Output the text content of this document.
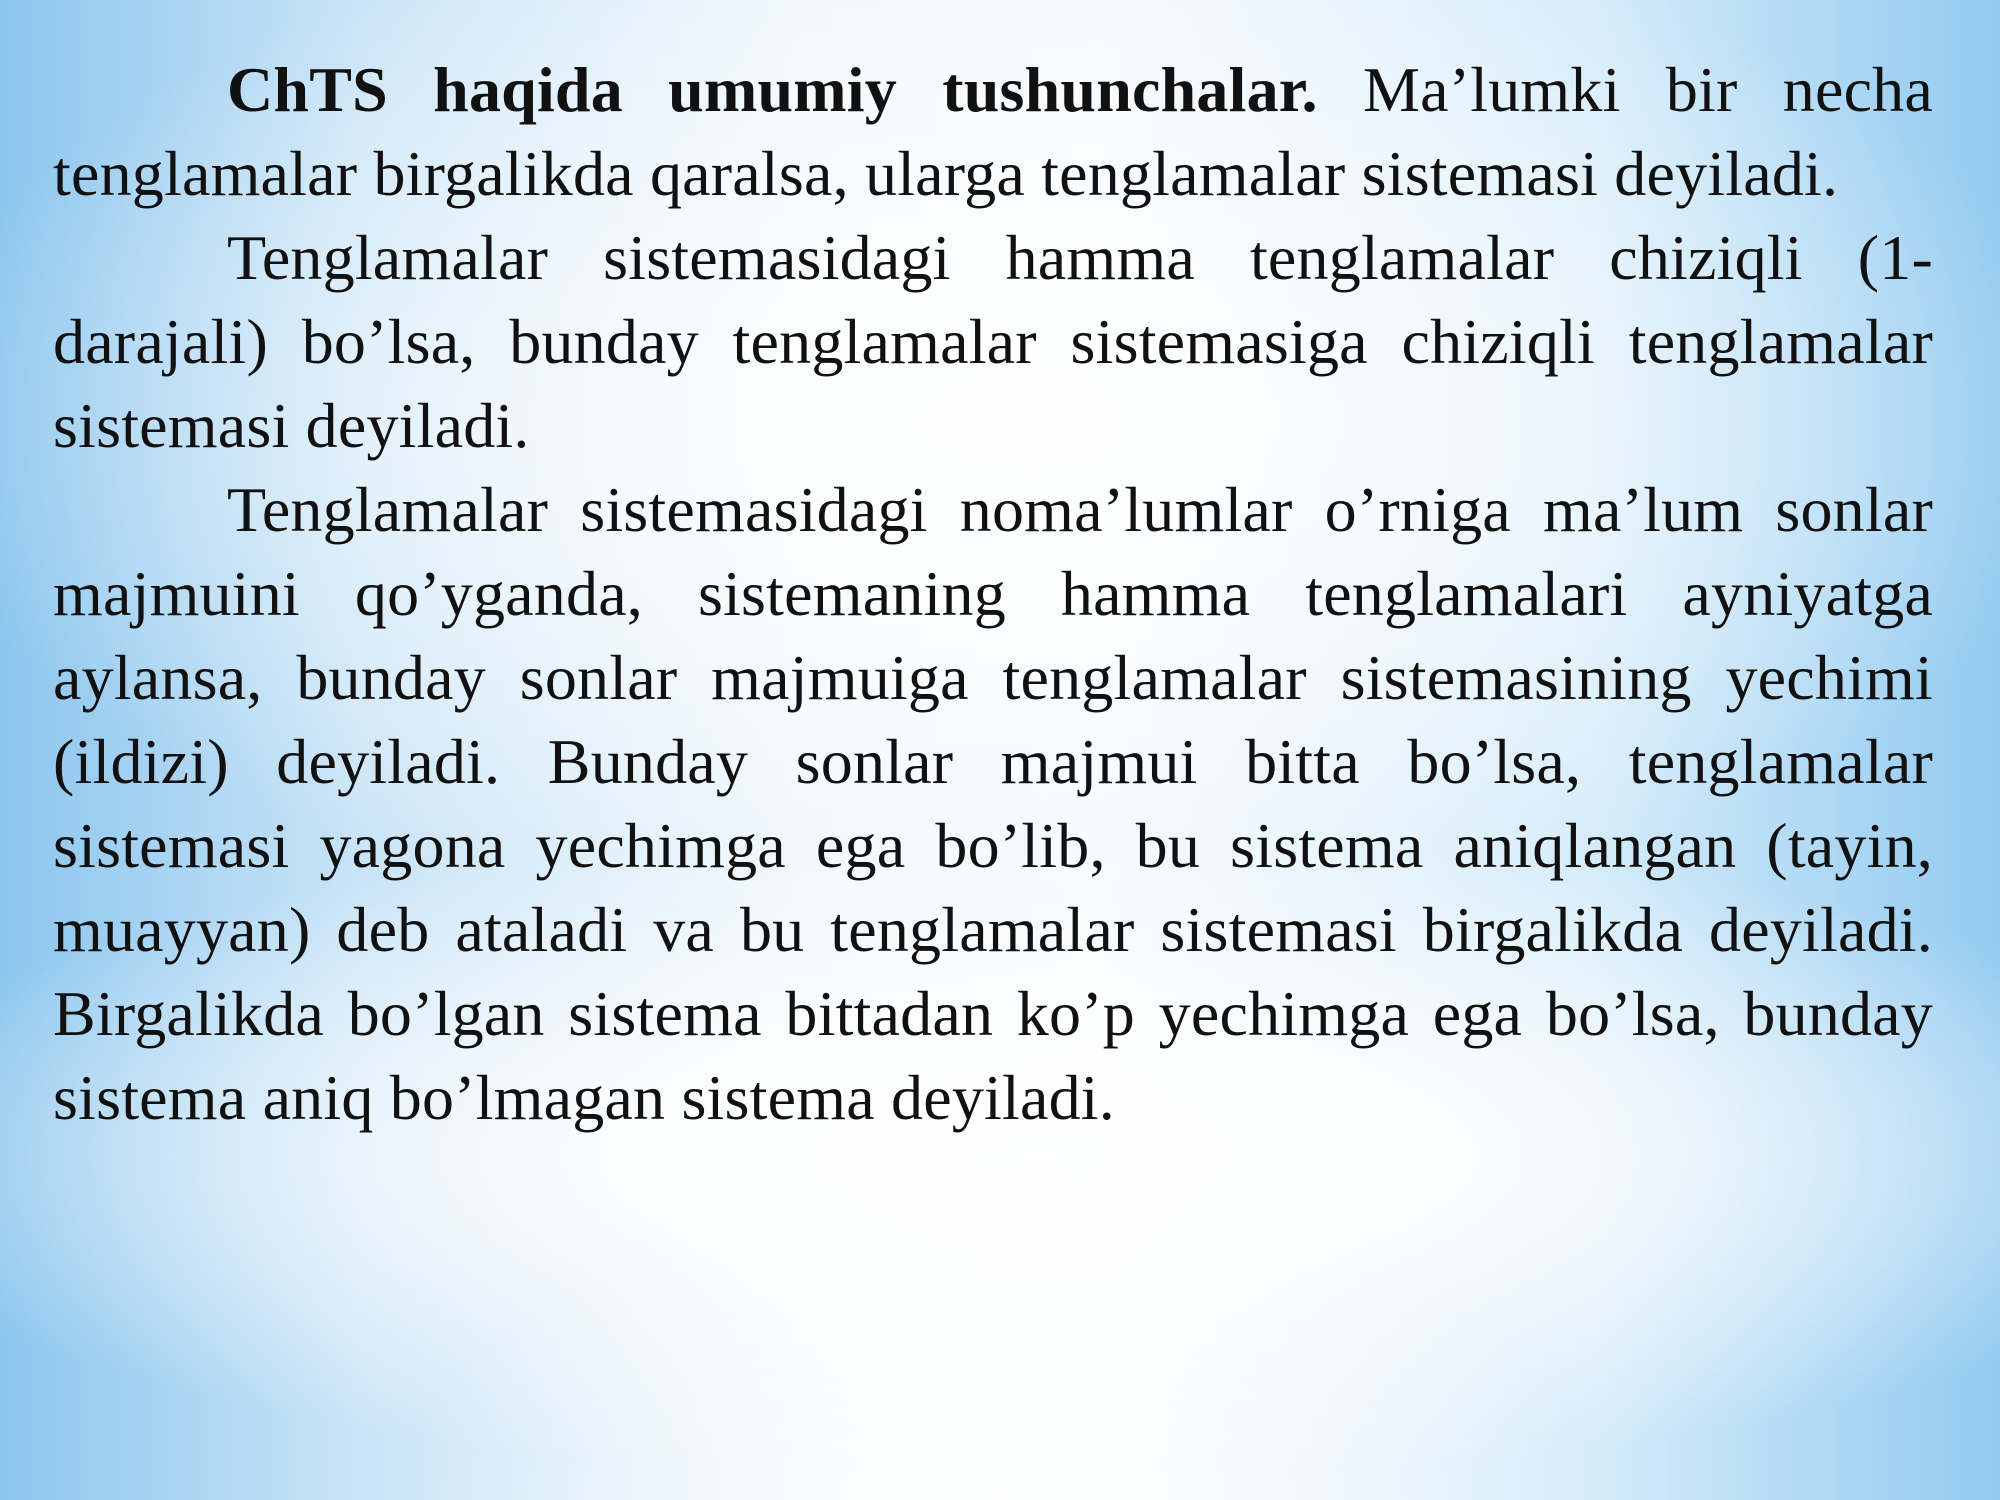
ChTS haqida umumiy tushunchalar. Ma’lumki bir necha tenglamalar birgalikda qaralsa, ularga tenglamalar sistemasi deyiladi.

Tenglamalar sistemasidagi hamma tenglamalar chiziqli (1-darajali) bo’lsa, bunday tenglamalar sistemasiga chiziqli tenglamalar sistemasi deyiladi.

Tenglamalar sistemasidagi noma’lumlar o’rniga ma’lum sonlar majmuini qo’yganda, sistemaning hamma tenglamalari ayniyatga aylansa, bunday sonlar majmuiga tenglamalar sistemasining yechimi (ildizi) deyiladi. Bunday sonlar majmui bitta bo’lsa, tenglamalar sistemasi yagona yechimga ega bo’lib, bu sistema aniqlangan (tayin, muayyan) deb ataladi va bu tenglamalar sistemasi birgalikda deyiladi. Birgalikda bo’lgan sistema bittadan ko’p yechimga ega bo’lsa, bunday sistema aniq bo’lmagan sistema deyiladi.
